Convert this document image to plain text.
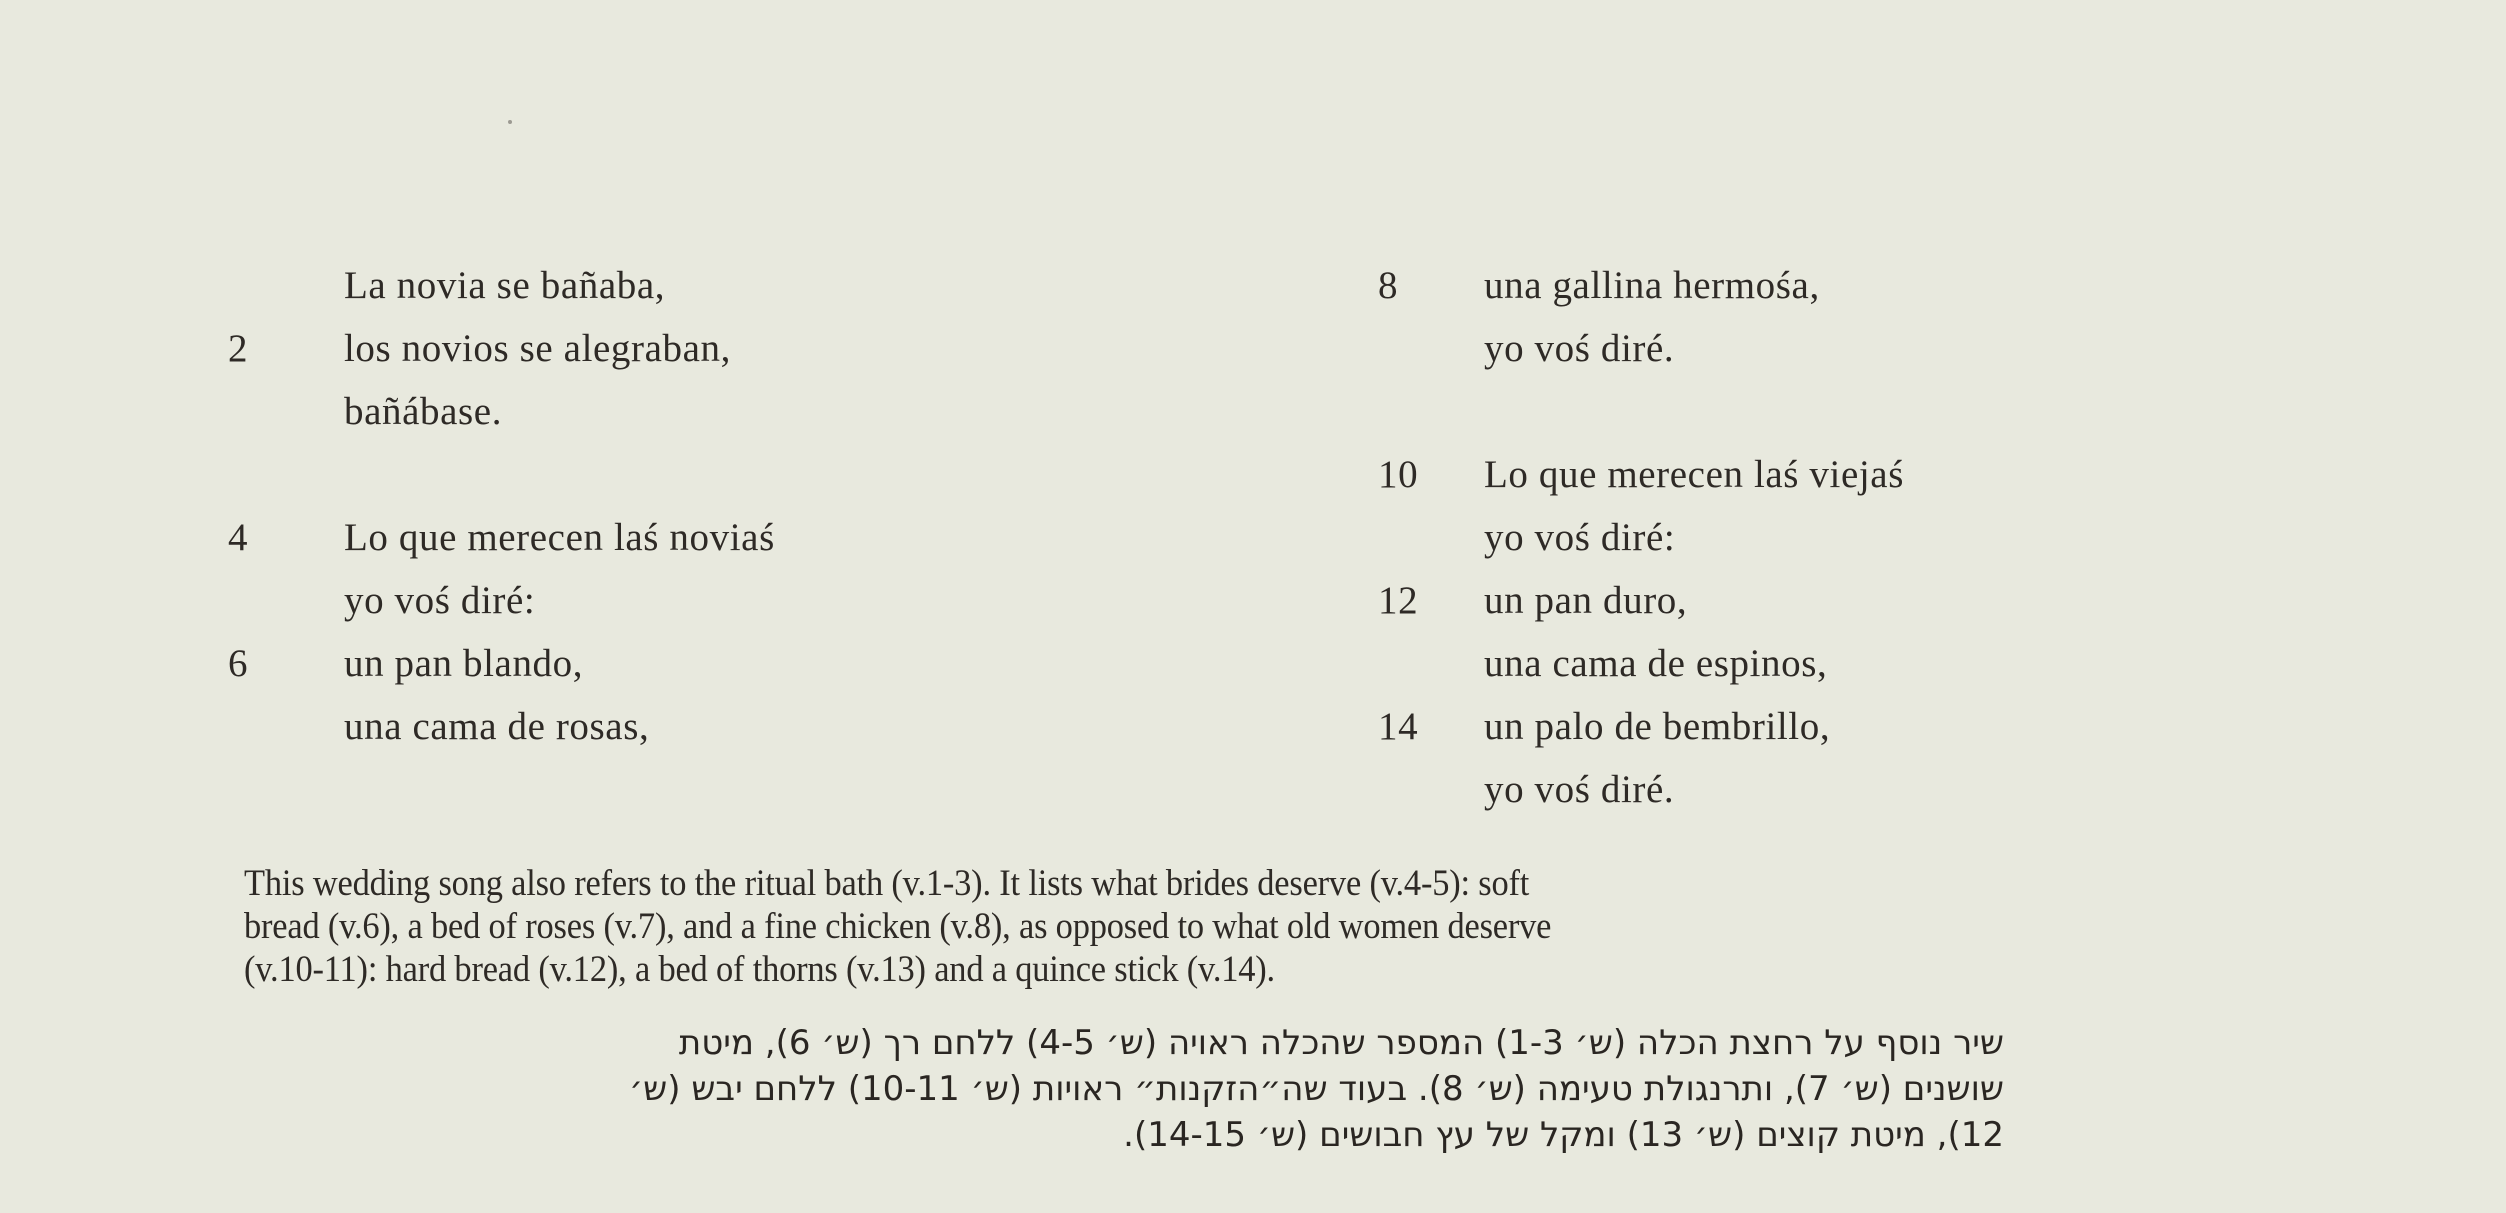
La novia se bañaba,
2	los novios se alegraban,
bañábase.
4	Lo que merecen laś noviaś
yo voś diré:
6	un pan blando,
una cama de rosas,
8	una gallina hermośa,
yo voś diré.
10	Lo que merecen laś viejaś
yo voś diré:
12	un pan duro,
una cama de espinos,
14	un palo de bembrillo,
yo voś diré.
This wedding song also refers to the ritual bath (v.1-3). It lists what brides deserve (v.4-5): soft
bread (v.6), a bed of roses (v.7), and a fine chicken (v.8), as opposed to what old women deserve
(v.10-11): hard bread (v.12), a bed of thorns (v.13) and a quince stick (v.14).
שיר נוסף על רחצת הכלה (ש׳ 1-3) המספר שהכלה ראויה (ש׳ 4-5) ללחם רך (ש׳ 6), מיטת
שושנים (ש׳ 7), ותרנגולת טעימה (ש׳ 8). בעוד שה״הזקנות״ ראויות (ש׳ 10-11) ללחם יבש (ש׳
12), מיטת קוצים (ש׳ 13) ומקל של עץ חבושים (ש׳ 14-15).
